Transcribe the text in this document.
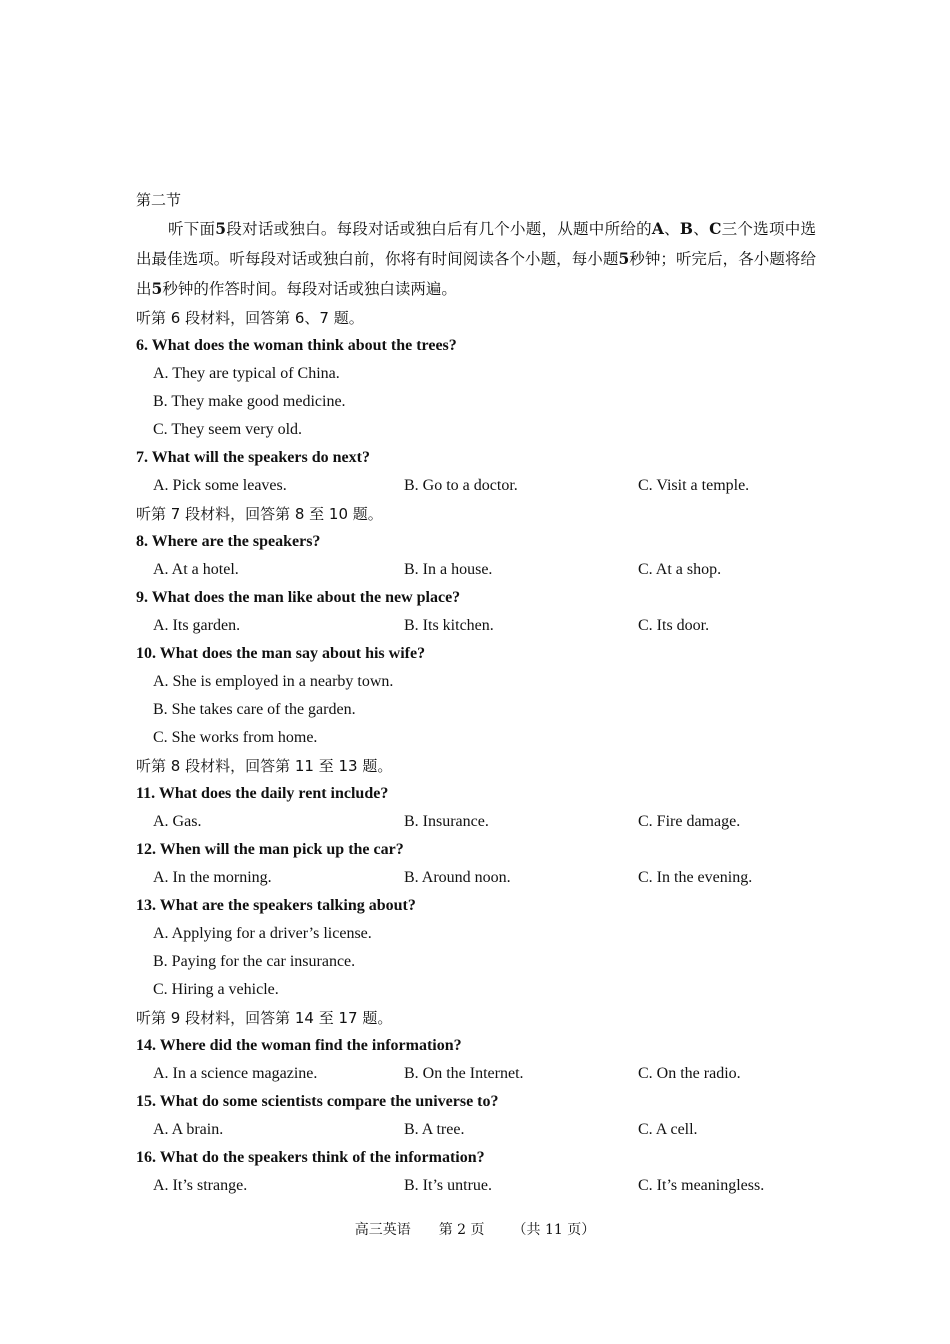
第二节
听下面5段对话或独白。每段对话或独白后有几个小题，从题中所给的A、B、C三个选项中选出最佳选项。听每段对话或独白前，你将有时间阅读各个小题，每小题5秒钟；听完后，各小题将给出5秒钟的作答时间。每段对话或独白读两遍。
听第 6 段材料，回答第 6、7 题。
6. What does the woman think about the trees?
A. They are typical of China.
B. They make good medicine.
C. They seem very old.
7. What will the speakers do next?
A. Pick some leaves.	B. Go to a doctor.	C. Visit a temple.
听第 7 段材料，回答第 8 至 10 题。
8. Where are the speakers?
A. At a hotel.	B. In a house.	C. At a shop.
9. What does the man like about the new place?
A. Its garden.	B. Its kitchen.	C. Its door.
10. What does the man say about his wife?
A. She is employed in a nearby town.
B. She takes care of the garden.
C. She works from home.
听第 8 段材料，回答第 11 至 13 题。
11. What does the daily rent include?
A. Gas.	B. Insurance.	C. Fire damage.
12. When will the man pick up the car?
A. In the morning.	B. Around noon.	C. In the evening.
13. What are the speakers talking about?
A. Applying for a driver’s license.
B. Paying for the car insurance.
C. Hiring a vehicle.
听第 9 段材料，回答第 14 至 17 题。
14. Where did the woman find the information?
A. In a science magazine.	B. On the Internet.	C. On the radio.
15. What do some scientists compare the universe to?
A. A brain.	B. A tree.	C. A cell.
16. What do the speakers think of the information?
A. It’s strange.	B. It’s untrue.	C. It’s meaningless.
高三英语 第 2 页 （共 11 页）
